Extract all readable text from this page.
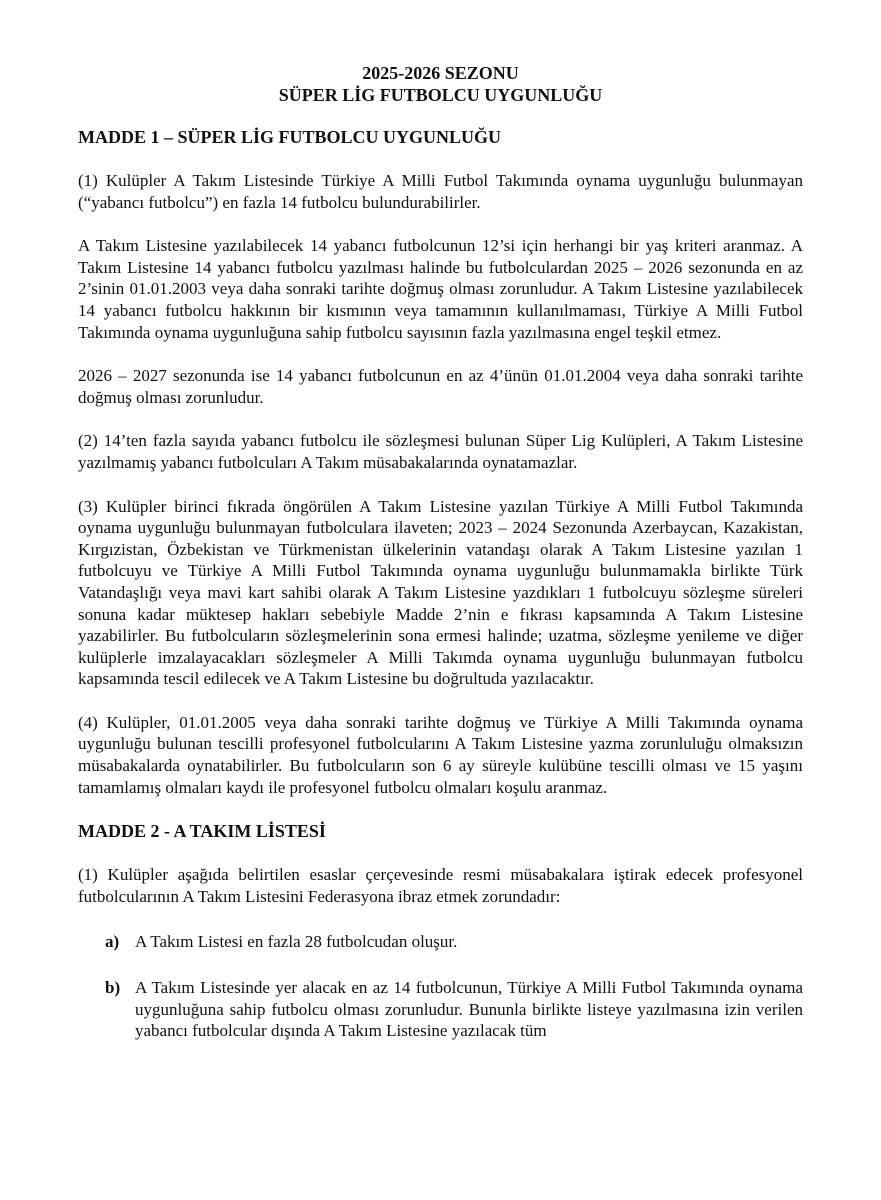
2025-2026 SEZONU
SÜPER LİG FUTBOLCU UYGUNLUĞU
MADDE 1 – SÜPER LİG FUTBOLCU UYGUNLUĞU

(1) Kulüpler A Takım Listesinde Türkiye A Milli Futbol Takımında oynama uygunluğu bulunmayan (“yabancı futbolcu”) en fazla 14 futbolcu bulundurabilirler.

A Takım Listesine yazılabilecek 14 yabancı futbolcunun 12’si için herhangi bir yaş kriteri aranmaz. A Takım Listesine 14 yabancı futbolcu yazılması halinde bu futbolculardan 2025 – 2026 sezonunda en az 2’sinin 01.01.2003 veya daha sonraki tarihte doğmuş olması zorunludur. A Takım Listesine yazılabilecek 14 yabancı futbolcu hakkının bir kısmının veya tamamının kullanılmaması, Türkiye A Milli Futbol Takımında oynama uygunluğuna sahip futbolcu sayısının fazla yazılmasına engel teşkil etmez.

2026 – 2027 sezonunda ise 14 yabancı futbolcunun en az 4’ünün 01.01.2004 veya daha sonraki tarihte doğmuş olması zorunludur.

(2) 14’ten fazla sayıda yabancı futbolcu ile sözleşmesi bulunan Süper Lig Kulüpleri, A Takım Listesine yazılmamış yabancı futbolcuları A Takım müsabakalarında oynatamazlar.

(3) Kulüpler birinci fıkrada öngörülen A Takım Listesine yazılan Türkiye A Milli Futbol Takımında oynama uygunluğu bulunmayan futbolculara ilaveten; 2023 – 2024 Sezonunda Azerbaycan, Kazakistan, Kırgızistan, Özbekistan ve Türkmenistan ülkelerinin vatandaşı olarak A Takım Listesine yazılan 1 futbolcuyu ve Türkiye A Milli Futbol Takımında oynama uygunluğu bulunmamakla birlikte Türk Vatandaşlığı veya mavi kart sahibi olarak A Takım Listesine yazdıkları 1 futbolcuyu sözleşme süreleri sonuna kadar müktesep hakları sebebiyle Madde 2’nin e fıkrası kapsamında A Takım Listesine yazabilirler. Bu futbolcuların sözleşmelerinin sona ermesi halinde; uzatma, sözleşme yenileme ve diğer kulüplerle imzalayacakları sözleşmeler A Milli Takımda oynama uygunluğu bulunmayan futbolcu kapsamında tescil edilecek ve A Takım Listesine bu doğrultuda yazılacaktır.

(4) Kulüpler, 01.01.2005 veya daha sonraki tarihte doğmuş ve Türkiye A Milli Takımında oynama uygunluğu bulunan tescilli profesyonel futbolcularını A Takım Listesine yazma zorunluluğu olmaksızın müsabakalarda oynatabilirler. Bu futbolcuların son 6 ay süreyle kulübüne tescilli olması ve 15 yaşını tamamlamış olmaları kaydı ile profesyonel futbolcu olmaları koşulu aranmaz.

MADDE 2 - A TAKIM LİSTESİ

(1) Kulüpler aşağıda belirtilen esaslar çerçevesinde resmi müsabakalara iştirak edecek profesyonel futbolcularının A Takım Listesini Federasyona ibraz etmek zorundadır:

a) A Takım Listesi en fazla 28 futbolcudan oluşur.
b) A Takım Listesinde yer alacak en az 14 futbolcunun, Türkiye A Milli Futbol Takımında oynama uygunluğuna sahip futbolcu olması zorunludur. Bununla birlikte listeye yazılmasına izin verilen yabancı futbolcular dışında A Takım Listesine yazılacak tüm
